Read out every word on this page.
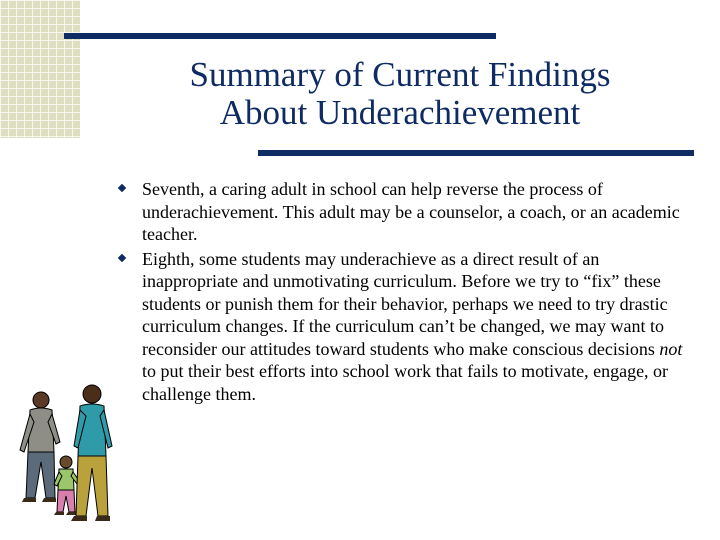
Summary of Current Findings
About Underachievement
Seventh, a caring adult in school can help reverse the process of underachievement. This adult may be a counselor, a coach, or an academic teacher.
Eighth, some students may underachieve as a direct result of an inappropriate and unmotivating curriculum. Before we try to “fix” these students or punish them for their behavior, perhaps we need to try drastic curriculum changes. If the curriculum can’t be changed, we may want to reconsider our attitudes toward students who make conscious decisions not to put their best efforts into school work that fails to motivate, engage, or challenge them.
